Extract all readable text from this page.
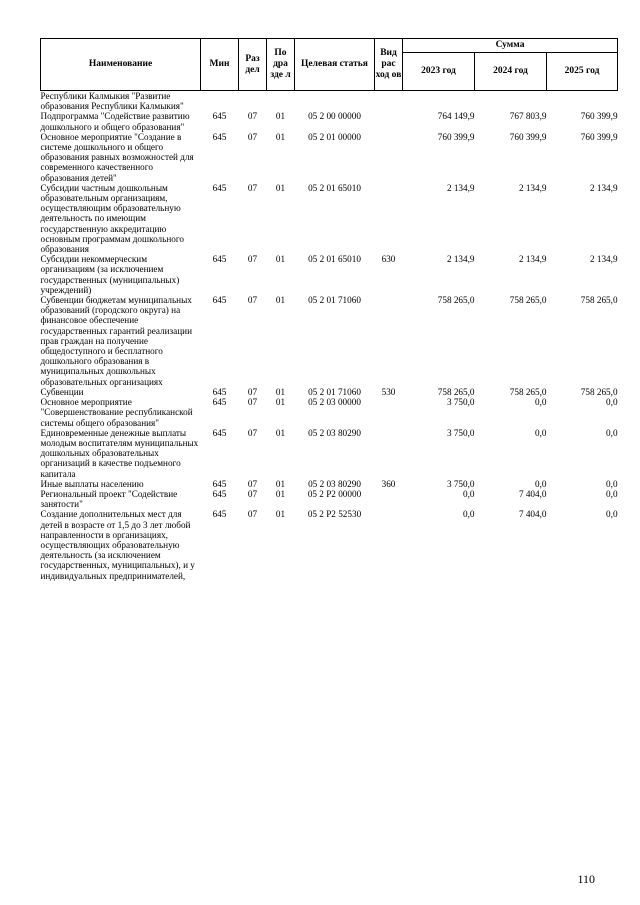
Наименование	Мин	Раз дел	По дра зде л	Целевая статья	Вид рас ход ов	Сумма		
						2023 год	2024 год	2025 год
Республики Калмыкия "Развитие образования Республики Калмыкия"								
Подпрограмма "Содействие развитию дошкольного и общего образования"	645	07	01	05 2 00 00000		764 149,9	767 803,9	760 399,9
Основное мероприятие "Создание в системе дошкольного и общего образования равных возможностей для современного качественного образования детей"	645	07	01	05 2 01 00000		760 399,9	760 399,9	760 399,9
Субсидии частным дошкольным образовательным организациям, осуществляющим образовательную деятельность по имеющим государственную аккредитацию основным программам дошкольного образования	645	07	01	05 2 01 65010		2 134,9	2 134,9	2 134,9
Субсидии некоммерческим организациям (за исключением государственных (муниципальных) учреждений)	645	07	01	05 2 01 65010	630	2 134,9	2 134,9	2 134,9
Субвенции бюджетам муниципальных образований (городского округа) на финансовое обеспечение государственных гарантий реализации прав граждан на получение общедоступного и бесплатного дошкольного образования в муниципальных дошкольных образовательных организациях	645	07	01	05 2 01 71060		758 265,0	758 265,0	758 265,0
Субвенции	645	07	01	05 2 01 71060	530	758 265,0	758 265,0	758 265,0
Основное мероприятие "Совершенствование республиканской системы общего образования"	645	07	01	05 2 03 00000		3 750,0	0,0	0,0
Единовременные денежные выплаты молодым воспитателям муниципальных дошкольных образовательных организаций в качестве подъемного капитала	645	07	01	05 2 03 80290		3 750,0	0,0	0,0
Иные выплаты населению	645	07	01	05 2 03 80290	360	3 750,0	0,0	0,0
Региональный проект "Содействие занятости"	645	07	01	05 2 P2 00000		0,0	7 404,0	0,0
Создание дополнительных мест для детей в возрасте от 1,5 до 3 лет любой направленности в организациях, осуществляющих образовательную деятельность (за исключением государственных, муниципальных), и у индивидуальных предпринимателей,	645	07	01	05 2 P2 52530		0,0	7 404,0	0,0
110
